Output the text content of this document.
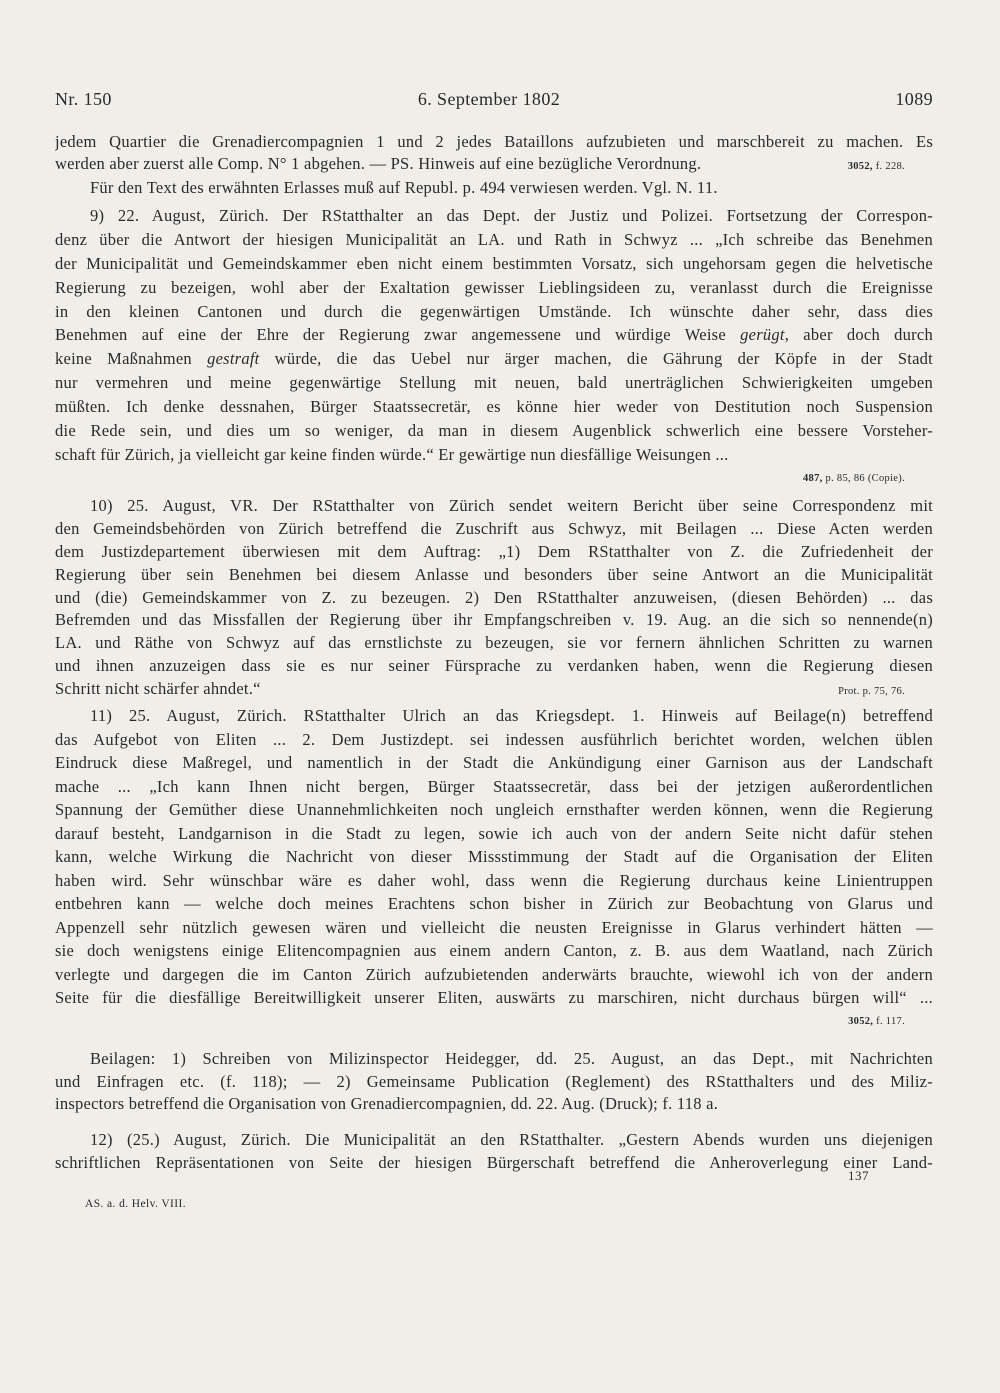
Nr. 150	6. September 1802	1089
jedem Quartier die Grenadiercompagnien 1 und 2 jedes Bataillons aufzubieten und marschbereit zu machen. Es
werden aber zuerst alle Comp. N° 1 abgehen. — PS. Hinweis auf eine bezügliche Verordnung.	3052, f. 228.
Für den Text des erwähnten Erlasses muß auf Republ. p. 494 verwiesen werden. Vgl. N. 11.
9) 22. August, Zürich. Der RStatthalter an das Dept. der Justiz und Polizei. Fortsetzung der Correspon-
denz über die Antwort der hiesigen Municipalität an LA. und Rath in Schwyz ... „Ich schreibe das Benehmen
der Municipalität und Gemeindskammer eben nicht einem bestimmten Vorsatz, sich ungehorsam gegen die helvetische
Regierung zu bezeigen, wohl aber der Exaltation gewisser Lieblingsideen zu, veranlasst durch die Ereignisse
in den kleinen Cantonen und durch die gegenwärtigen Umstände. Ich wünschte daher sehr, dass dies
Benehmen auf eine der Ehre der Regierung zwar angemessene und würdige Weise gerügt, aber doch durch
keine Maßnahmen gestraft würde, die das Uebel nur ärger machen, die Gährung der Köpfe in der Stadt
nur vermehren und meine gegenwärtige Stellung mit neuen, bald unerträglichen Schwierigkeiten umgeben
müßten. Ich denke dessnahen, Bürger Staatssecretär, es könne hier weder von Destitution noch Suspension
die Rede sein, und dies um so weniger, da man in diesem Augenblick schwerlich eine bessere Vorsteher-
schaft für Zürich, ja vielleicht gar keine finden würde.“ Er gewärtige nun diesfällige Weisungen ...
487, p. 85, 86 (Copie).
10) 25. August, VR. Der RStatthalter von Zürich sendet weitern Bericht über seine Correspondenz mit
den Gemeindsbehörden von Zürich betreffend die Zuschrift aus Schwyz, mit Beilagen ... Diese Acten werden
dem Justizdepartement überwiesen mit dem Auftrag: „1) Dem RStatthalter von Z. die Zufriedenheit der
Regierung über sein Benehmen bei diesem Anlasse und besonders über seine Antwort an die Municipalität
und (die) Gemeindskammer von Z. zu bezeugen. 2) Den RStatthalter anzuweisen, (diesen Behörden) ... das
Befremden und das Missfallen der Regierung über ihr Empfangschreiben v. 19. Aug. an die sich so nennende(n)
LA. und Räthe von Schwyz auf das ernstlichste zu bezeugen, sie vor fernern ähnlichen Schritten zu warnen
und ihnen anzuzeigen dass sie es nur seiner Fürsprache zu verdanken haben, wenn die Regierung diesen
Schritt nicht schärfer ahndet.“	Prot. p. 75, 76.
11) 25. August, Zürich. RStatthalter Ulrich an das Kriegsdept. 1. Hinweis auf Beilage(n) betreffend
das Aufgebot von Eliten ... 2. Dem Justizdept. sei indessen ausführlich berichtet worden, welchen üblen
Eindruck diese Maßregel, und namentlich in der Stadt die Ankündigung einer Garnison aus der Landschaft
mache ... „Ich kann Ihnen nicht bergen, Bürger Staatssecretär, dass bei der jetzigen außerordentlichen
Spannung der Gemüther diese Unannehmlichkeiten noch ungleich ernsthafter werden können, wenn die Regierung
darauf besteht, Landgarnison in die Stadt zu legen, sowie ich auch von der andern Seite nicht dafür stehen
kann, welche Wirkung die Nachricht von dieser Missstimmung der Stadt auf die Organisation der Eliten
haben wird. Sehr wünschbar wäre es daher wohl, dass wenn die Regierung durchaus keine Linientruppen
entbehren kann — welche doch meines Erachtens schon bisher in Zürich zur Beobachtung von Glarus und
Appenzell sehr nützlich gewesen wären und vielleicht die neusten Ereignisse in Glarus verhindert hätten —
sie doch wenigstens einige Elitencompagnien aus einem andern Canton, z. B. aus dem Waatland, nach Zürich
verlegte und dargegen die im Canton Zürich aufzubietenden anderwärts brauchte, wiewohl ich von der andern
Seite für die diesfällige Bereitwilligkeit unserer Eliten, auswärts zu marschiren, nicht durchaus bürgen will“ ...
3052, f. 117.
Beilagen: 1) Schreiben von Milizinspector Heidegger, dd. 25. August, an das Dept., mit Nachrichten
und Einfragen etc. (f. 118); — 2) Gemeinsame Publication (Reglement) des RStatthalters und des Miliz-
inspectors betreffend die Organisation von Grenadiercompagnien, dd. 22. Aug. (Druck); f. 118 a.
12) (25.) August, Zürich. Die Municipalität an den RStatthalter. „Gestern Abends wurden uns diejenigen
schriftlichen Repräsentationen von Seite der hiesigen Bürgerschaft betreffend die Anheroverlegung einer Land-
137
AS. a. d. Helv. VIII.
